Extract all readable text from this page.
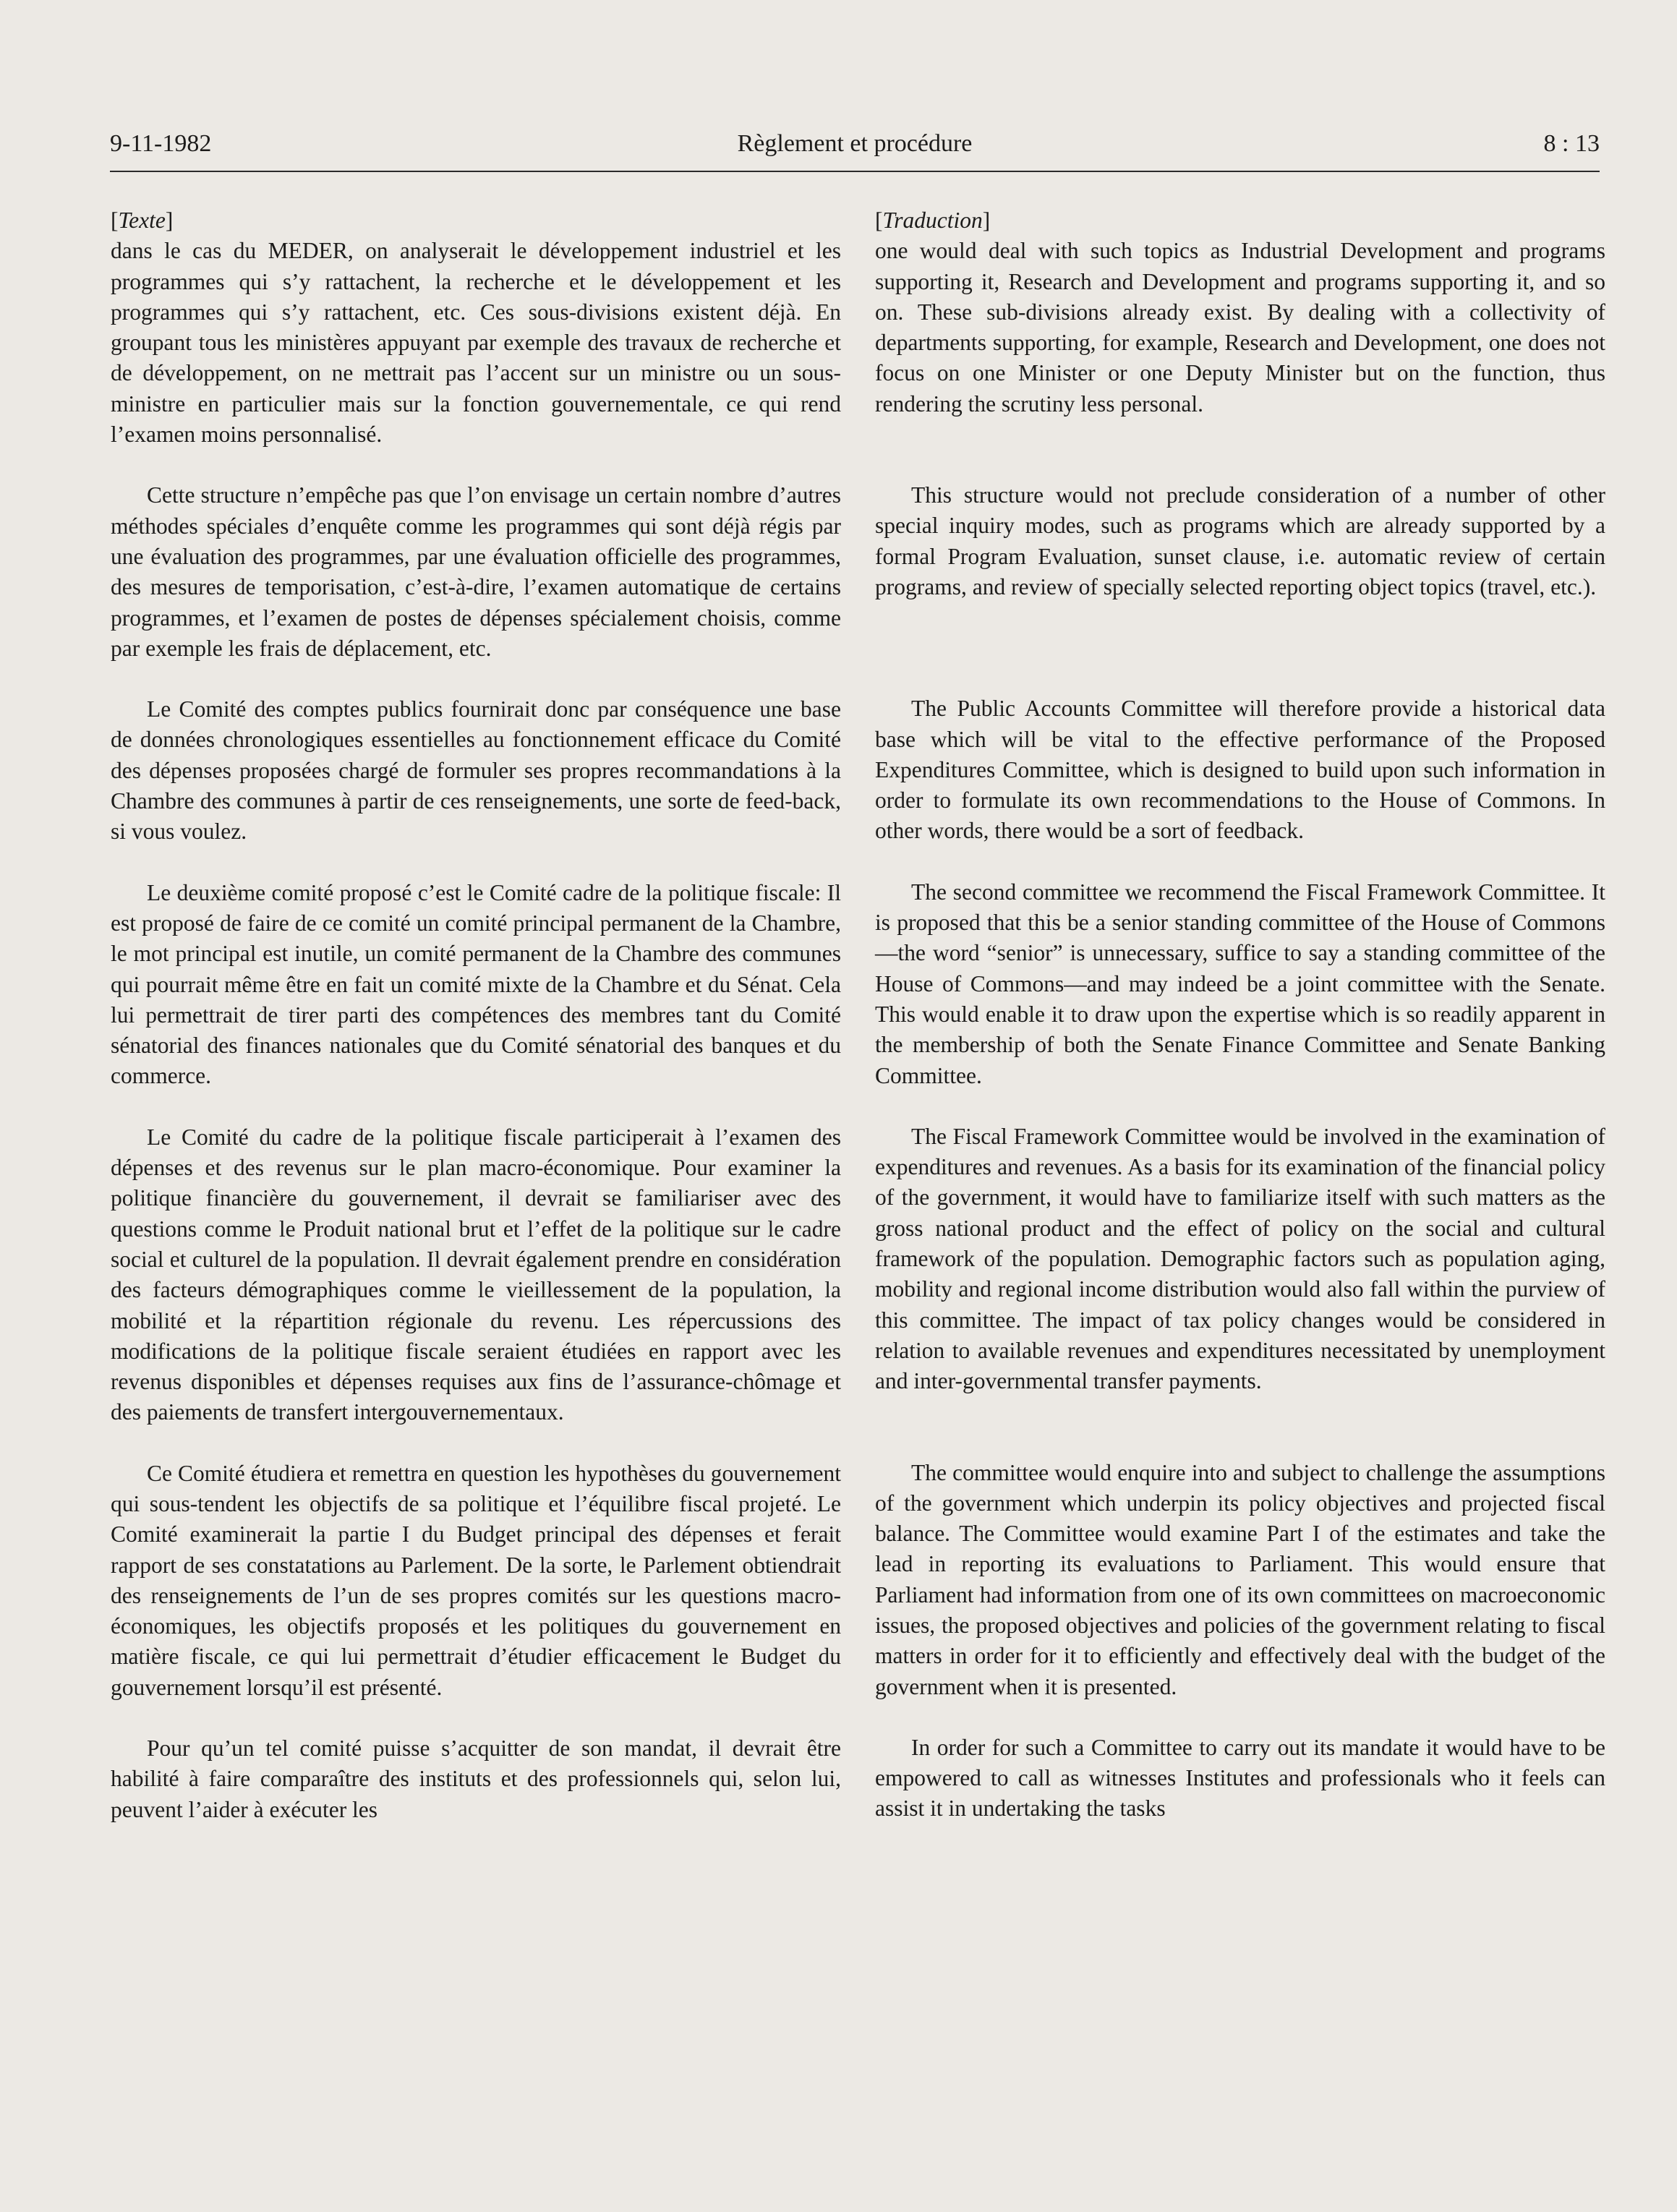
9-11-1982	Règlement et procédure	8 : 13

[Texte]

dans le cas du MEDER, on analyserait le développement industriel et les programmes qui s’y rattachent, la recherche et le développement et les programmes qui s’y rattachent, etc. Ces sous-divisions existent déjà. En groupant tous les ministères appuyant par exemple des travaux de recherche et de développement, on ne mettrait pas l’accent sur un ministre ou un sous-ministre en particulier mais sur la fonction gouvernementale, ce qui rend l’examen moins personnalisé.

Cette structure n’empêche pas que l’on envisage un certain nombre d’autres méthodes spéciales d’enquête comme les programmes qui sont déjà régis par une évaluation des programmes, par une évaluation officielle des programmes, des mesures de temporisation, c’est-à-dire, l’examen automatique de certains programmes, et l’examen de postes de dépenses spécialement choisis, comme par exemple les frais de déplacement, etc.

Le Comité des comptes publics fournirait donc par conséquence une base de données chronologiques essentielles au fonctionnement efficace du Comité des dépenses proposées chargé de formuler ses propres recommandations à la Chambre des communes à partir de ces renseignements, une sorte de feed-back, si vous voulez.

Le deuxième comité proposé c’est le Comité cadre de la politique fiscale: Il est proposé de faire de ce comité un comité principal permanent de la Chambre, le mot principal est inutile, un comité permanent de la Chambre des communes qui pourrait même être en fait un comité mixte de la Chambre et du Sénat. Cela lui permettrait de tirer parti des compétences des membres tant du Comité sénatorial des finances nationales que du Comité sénatorial des banques et du commerce.

Le Comité du cadre de la politique fiscale participerait à l’examen des dépenses et des revenus sur le plan macro-économique. Pour examiner la politique financière du gouvernement, il devrait se familiariser avec des questions comme le Produit national brut et l’effet de la politique sur le cadre social et culturel de la population. Il devrait également prendre en considération des facteurs démographiques comme le vieillessement de la population, la mobilité et la répartition régionale du revenu. Les répercussions des modifications de la politique fiscale seraient étudiées en rapport avec les revenus disponibles et dépenses requises aux fins de l’assurance-chômage et des paiements de transfert intergouvernementaux.

Ce Comité étudiera et remettra en question les hypothèses du gouvernement qui sous-tendent les objectifs de sa politique et l’équilibre fiscal projeté. Le Comité examinerait la partie I du Budget principal des dépenses et ferait rapport de ses constatations au Parlement. De la sorte, le Parlement obtiendrait des renseignements de l’un de ses propres comités sur les questions macro-économiques, les objectifs proposés et les politiques du gouvernement en matière fiscale, ce qui lui permettrait d’étudier efficacement le Budget du gouvernement lorsqu’il est présenté.

Pour qu’un tel comité puisse s’acquitter de son mandat, il devrait être habilité à faire comparaître des instituts et des professionnels qui, selon lui, peuvent l’aider à exécuter les

[Traduction]

one would deal with such topics as Industrial Development and programs supporting it, Research and Development and programs supporting it, and so on. These sub-divisions already exist. By dealing with a collectivity of departments supporting, for example, Research and Development, one does not focus on one Minister or one Deputy Minister but on the function, thus rendering the scrutiny less personal.

This structure would not preclude consideration of a number of other special inquiry modes, such as programs which are already supported by a formal Program Evaluation, sunset clause, i.e. automatic review of certain programs, and review of specially selected reporting object topics (travel, etc.).

The Public Accounts Committee will therefore provide a historical data base which will be vital to the effective performance of the Proposed Expenditures Committee, which is designed to build upon such information in order to formulate its own recommendations to the House of Commons. In other words, there would be a sort of feedback.

The second committee we recommend the Fiscal Framework Committee. It is proposed that this be a senior standing committee of the House of Commons—the word “senior” is unnecessary, suffice to say a standing committee of the House of Commons—and may indeed be a joint committee with the Senate. This would enable it to draw upon the expertise which is so readily apparent in the membership of both the Senate Finance Committee and Senate Banking Committee.

The Fiscal Framework Committee would be involved in the examination of expenditures and revenues. As a basis for its examination of the financial policy of the government, it would have to familiarize itself with such matters as the gross national product and the effect of policy on the social and cultural framework of the population. Demographic factors such as population aging, mobility and regional income distribution would also fall within the purview of this committee. The impact of tax policy changes would be considered in relation to available revenues and expenditures necessitated by unemployment and inter-governmental transfer payments.

The committee would enquire into and subject to challenge the assumptions of the government which underpin its policy objectives and projected fiscal balance. The Committee would examine Part I of the estimates and take the lead in reporting its evaluations to Parliament. This would ensure that Parliament had information from one of its own committees on macroeconomic issues, the proposed objectives and policies of the government relating to fiscal matters in order for it to efficiently and effectively deal with the budget of the government when it is presented.

In order for such a Committee to carry out its mandate it would have to be empowered to call as witnesses Institutes and professionals who it feels can assist it in undertaking the tasks
